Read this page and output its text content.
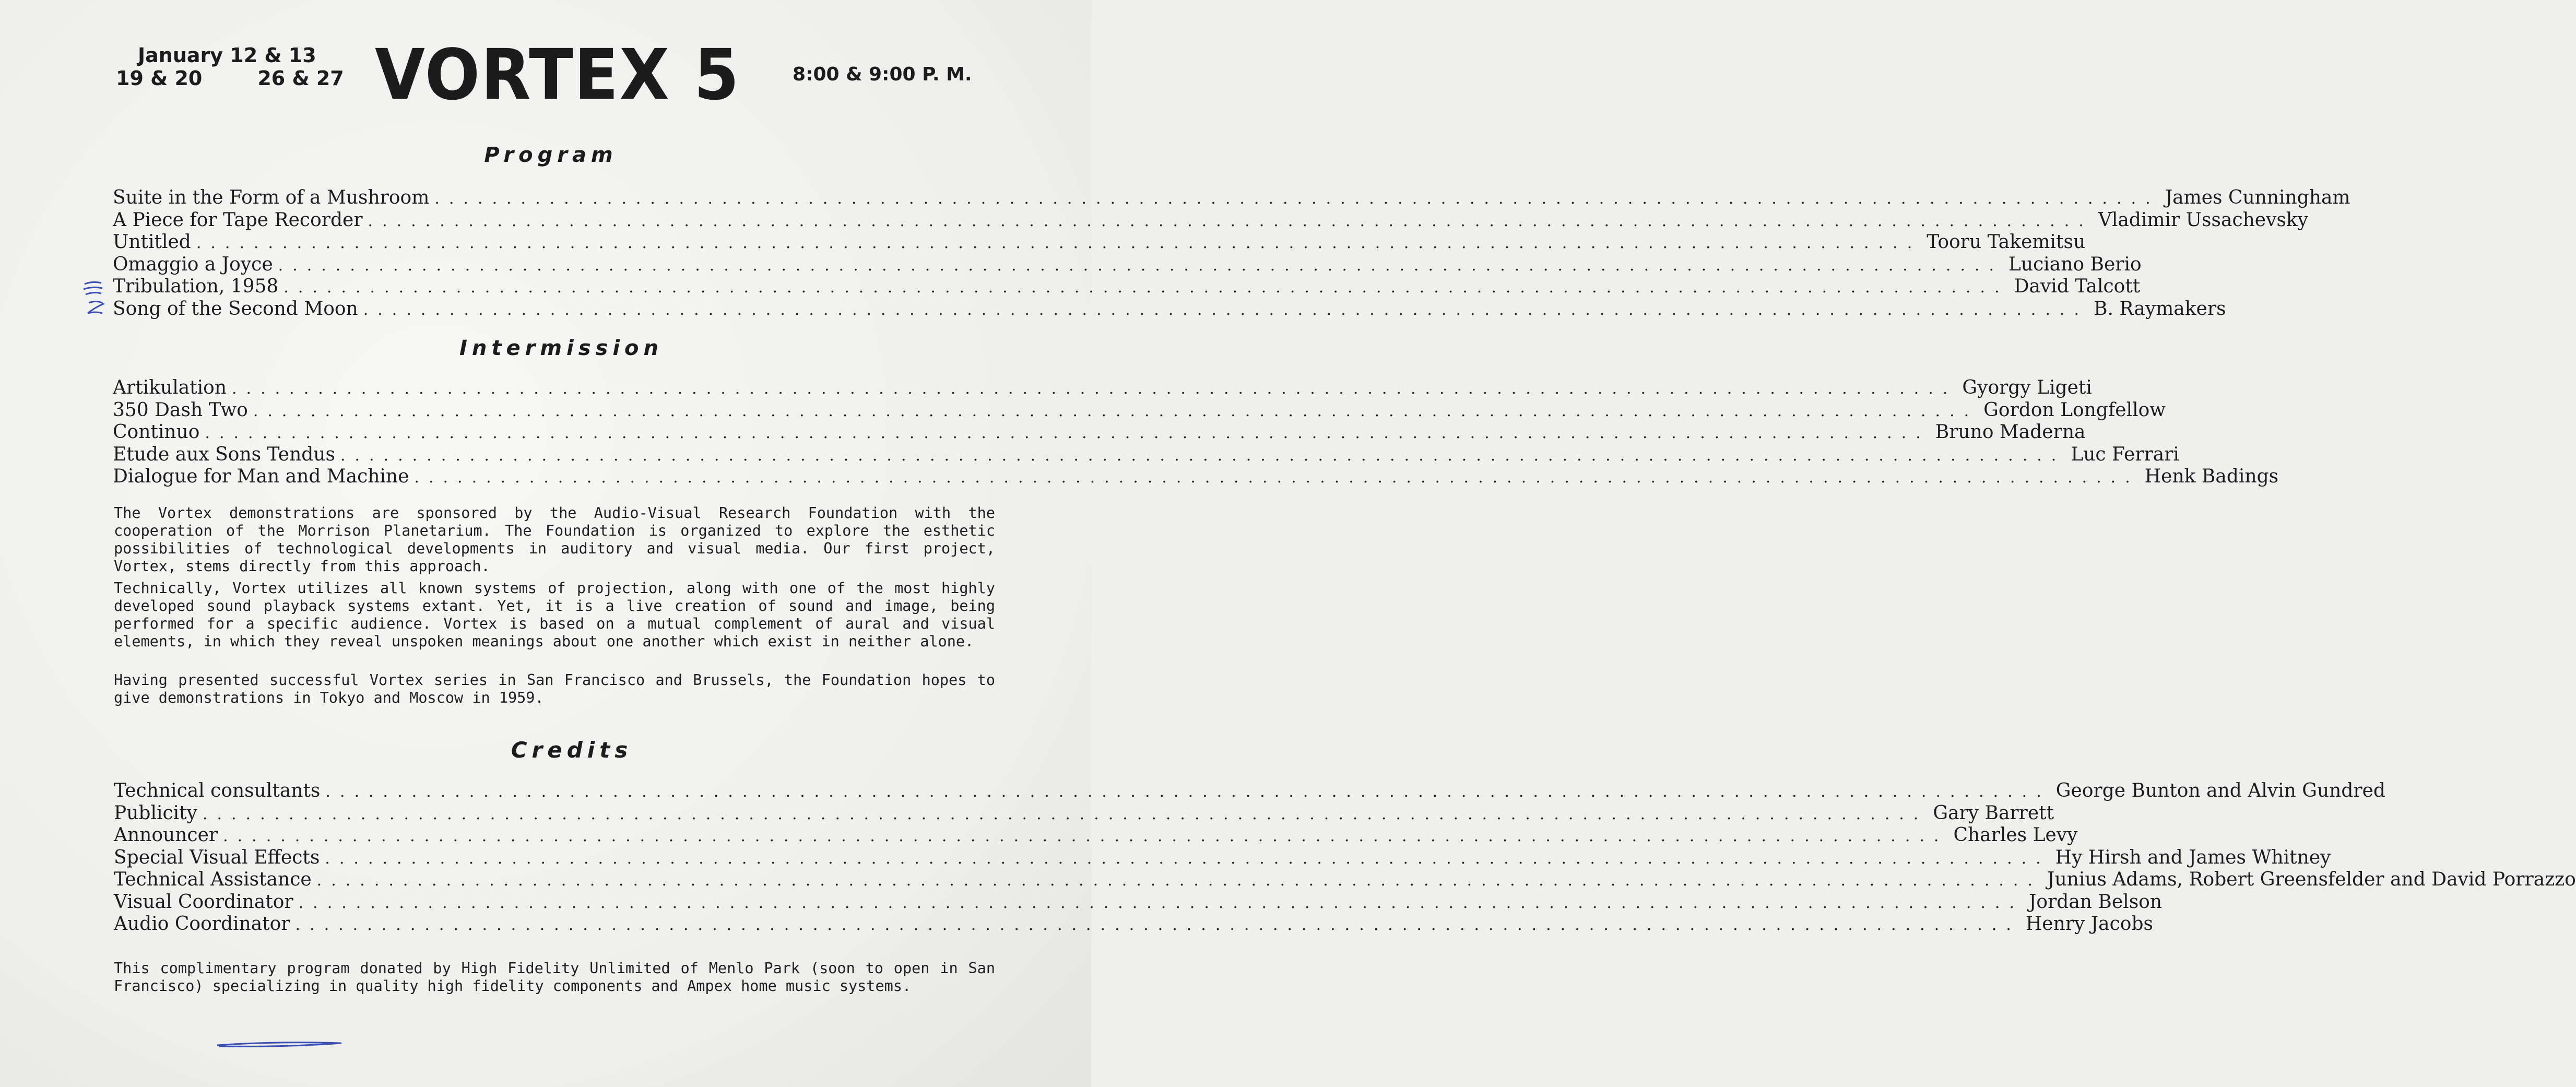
January 12 & 13
19 & 20	26 & 27 VORTEX 5	8:00 & 9:00 P. M.
Program
Suite in the Form of a Mushroom ........................................................................................................................ James Cunningham
A Piece for Tape Recorder ........................................................................................................................ Vladimir Ussachevsky
Untitled ........................................................................................................................ Tooru Takemitsu
Omaggio a Joyce ........................................................................................................................ Luciano Berio
Tribulation, 1958 ........................................................................................................................ David Talcott
Song of the Second Moon ........................................................................................................................ B. Raymakers
Intermission
Artikulation ........................................................................................................................ Gyorgy Ligeti
350 Dash Two ........................................................................................................................ Gordon Longfellow
Continuo ........................................................................................................................ Bruno Maderna
Etude aux Sons Tendus ........................................................................................................................ Luc Ferrari
Dialogue for Man and Machine ........................................................................................................................ Henk Badings
The Vortex demonstrations are sponsored by the Audio-Visual Research Foundation with the cooperation of the Morrison Planetarium. The Foundation is organized to explore the esthetic possibilities of technological developments in auditory and visual media. Our first project, Vortex, stems directly from this approach.
Technically, Vortex utilizes all known systems of projection, along with one of the most highly developed sound playback systems extant. Yet, it is a live creation of sound and image, being performed for a specific audience. Vortex is based on a mutual complement of aural and visual elements, in which they reveal unspoken meanings about one another which exist in neither alone.
Having presented successful Vortex series in San Francisco and Brussels, the Foundation hopes to give demonstrations in Tokyo and Moscow in 1959.
Credits
Technical consultants ........................................................................................................................ George Bunton and Alvin Gundred
Publicity ........................................................................................................................ Gary Barrett
Announcer ........................................................................................................................ Charles Levy
Special Visual Effects ........................................................................................................................ Hy Hirsh and James Whitney
Technical Assistance ........................................................................................................................ Junius Adams, Robert Greensfelder and David Porrazzo
Visual Coordinator ........................................................................................................................ Jordan Belson
Audio Coordinator ........................................................................................................................ Henry Jacobs
This complimentary program donated by High Fidelity Unlimited of Menlo Park (soon to open in San Francisco) specializing in quality high fidelity components and Ampex home music systems.
